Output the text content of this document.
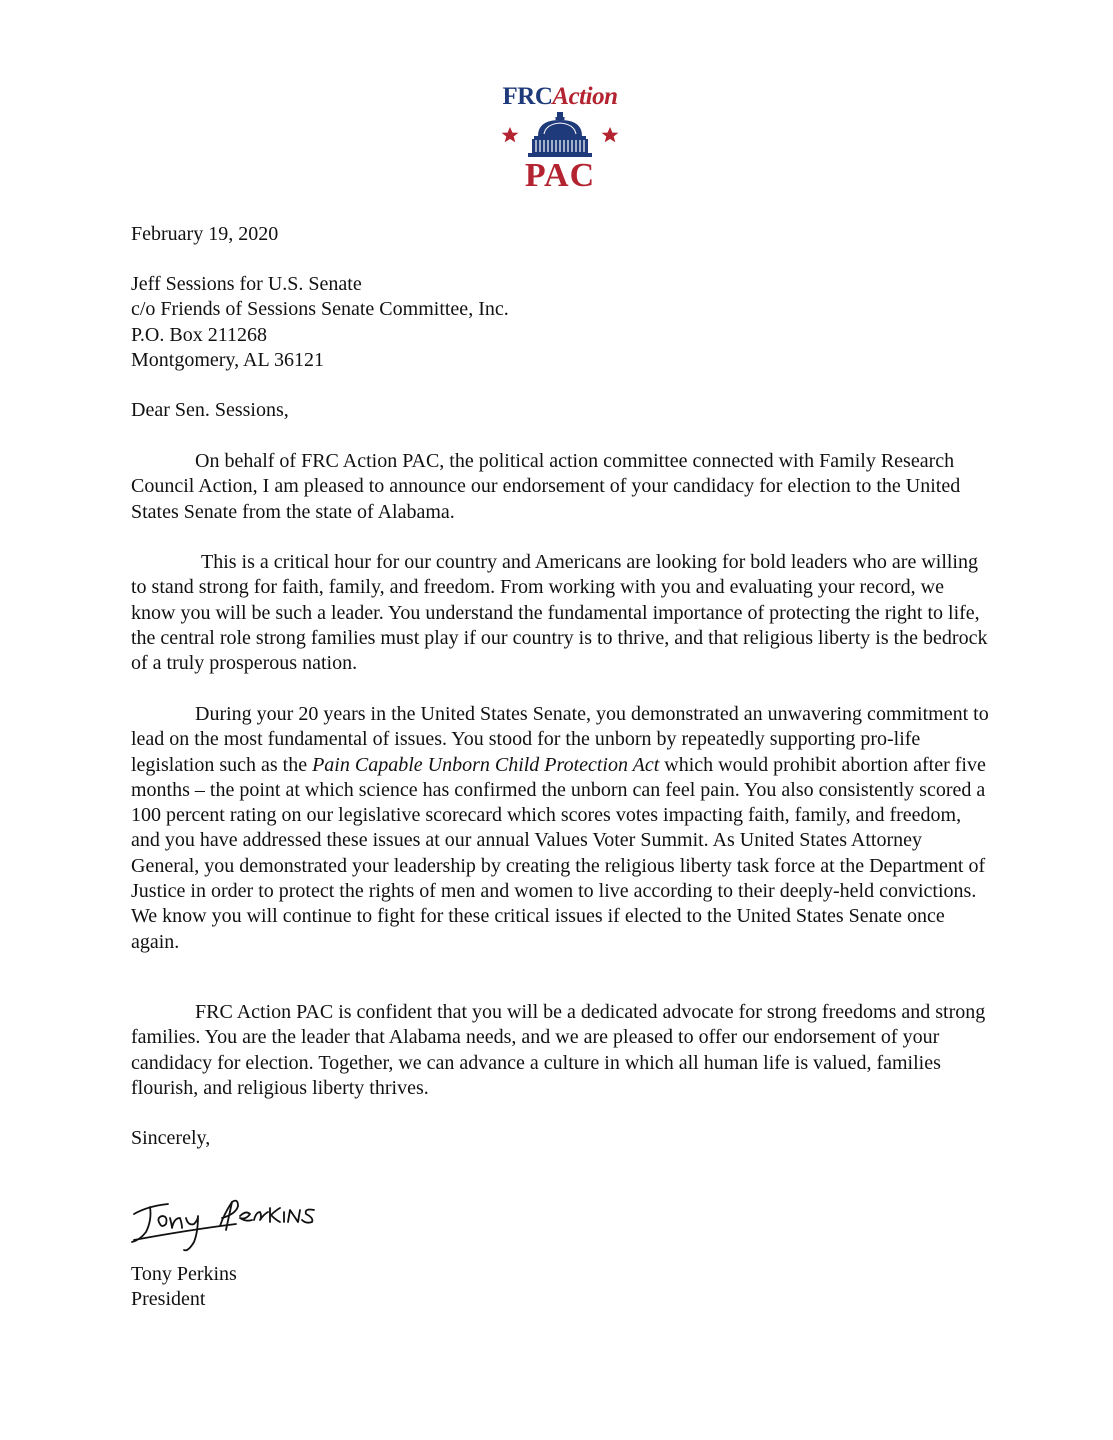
FRCAction
PAC

February 19, 2020

Jeff Sessions for U.S. Senate
c/o Friends of Sessions Senate Committee, Inc.
P.O. Box 211268
Montgomery, AL 36121

Dear Sen. Sessions,

On behalf of FRC Action PAC, the political action committee connected with Family Research Council Action, I am pleased to announce our endorsement of your candidacy for election to the United States Senate from the state of Alabama.

This is a critical hour for our country and Americans are looking for bold leaders who are willing to stand strong for faith, family, and freedom. From working with you and evaluating your record, we know you will be such a leader. You understand the fundamental importance of protecting the right to life, the central role strong families must play if our country is to thrive, and that religious liberty is the bedrock of a truly prosperous nation.

During your 20 years in the United States Senate, you demonstrated an unwavering commitment to lead on the most fundamental of issues. You stood for the unborn by repeatedly supporting pro-life legislation such as the Pain Capable Unborn Child Protection Act which would prohibit abortion after five months – the point at which science has confirmed the unborn can feel pain. You also consistently scored a 100 percent rating on our legislative scorecard which scores votes impacting faith, family, and freedom, and you have addressed these issues at our annual Values Voter Summit. As United States Attorney General, you demonstrated your leadership by creating the religious liberty task force at the Department of Justice in order to protect the rights of men and women to live according to their deeply-held convictions. We know you will continue to fight for these critical issues if elected to the United States Senate once again.

FRC Action PAC is confident that you will be a dedicated advocate for strong freedoms and strong families. You are the leader that Alabama needs, and we are pleased to offer our endorsement of your candidacy for election. Together, we can advance a culture in which all human life is valued, families flourish, and religious liberty thrives.

Sincerely,

Tony Perkins
President
